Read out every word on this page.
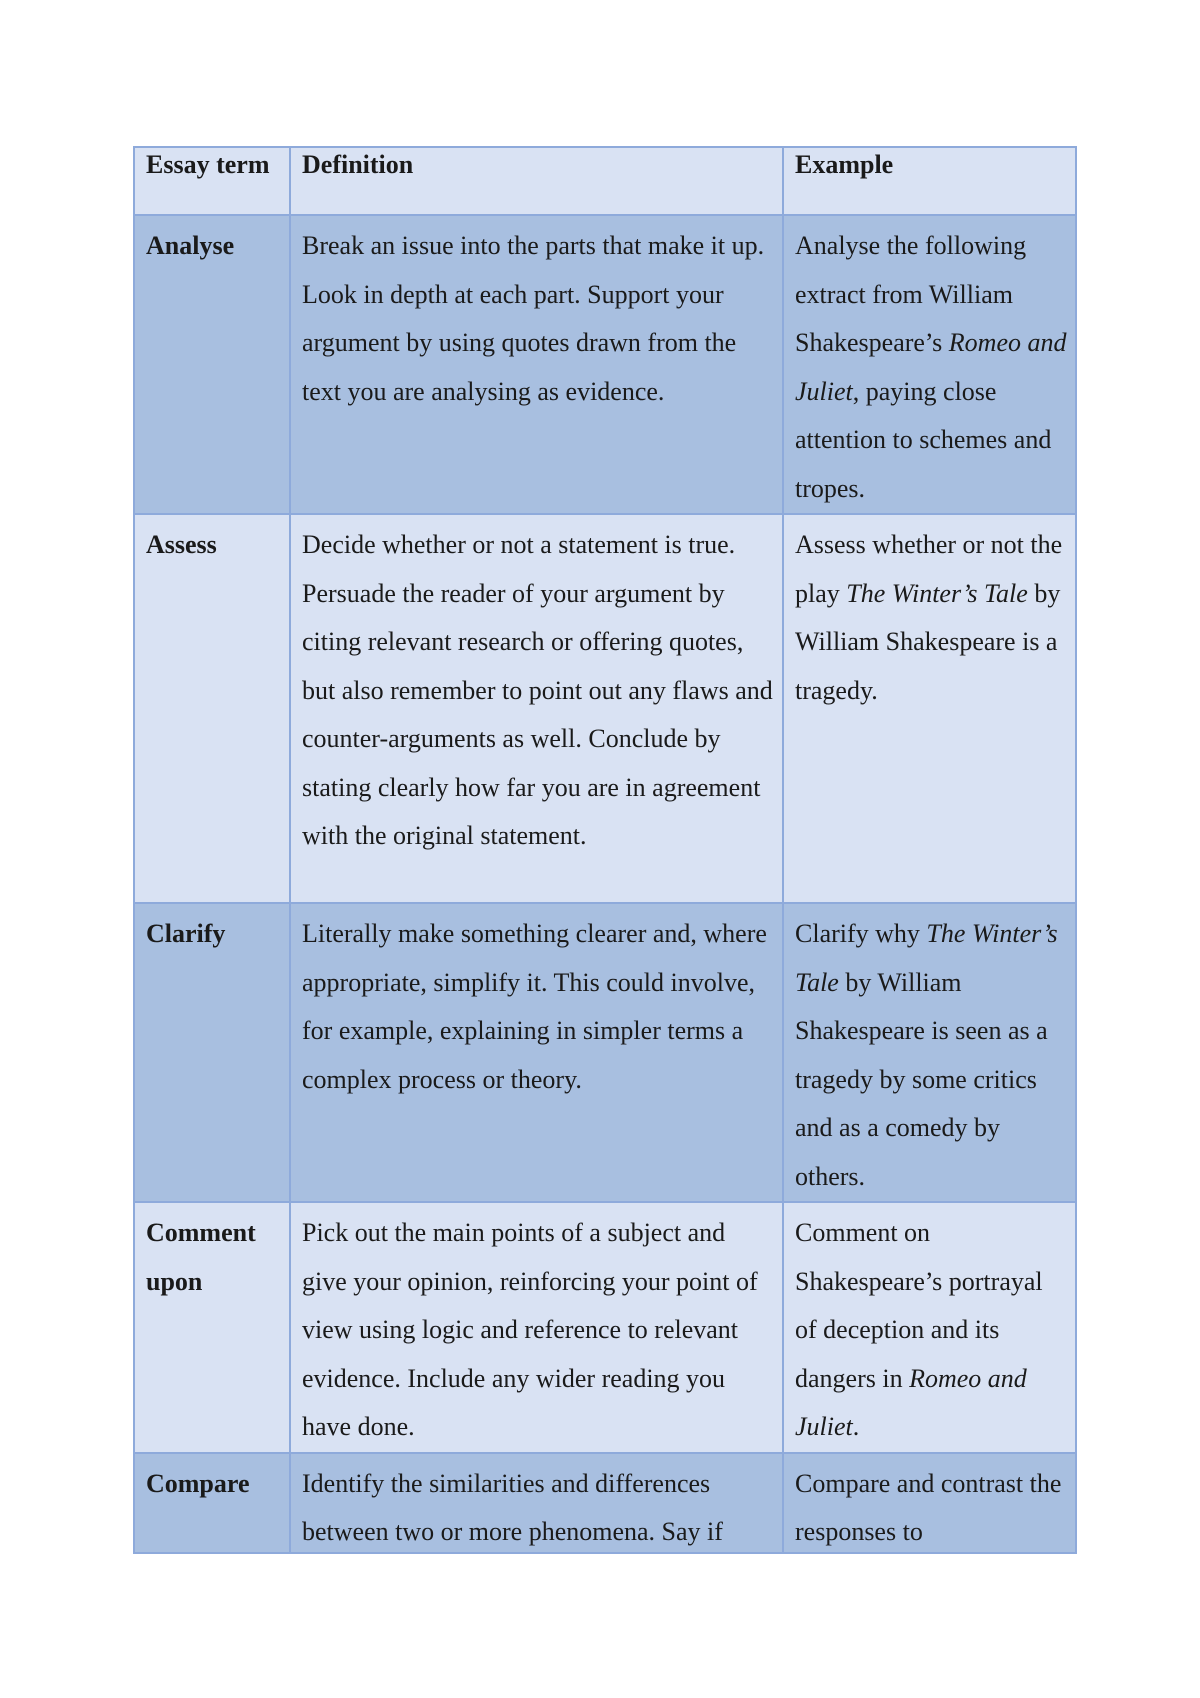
Essay term	Definition	Example
Analyse	Break an issue into the parts that make it up. Look in depth at each part. Support your argument by using quotes drawn from the text you are analysing as evidence.	Analyse the following extract from William Shakespeare’s Romeo and Juliet, paying close attention to schemes and tropes.
Assess	Decide whether or not a statement is true. Persuade the reader of your argument by citing relevant research or offering quotes, but also remember to point out any flaws and counter-arguments as well. Conclude by stating clearly how far you are in agreement with the original statement.	Assess whether or not the play The Winter’s Tale by William Shakespeare is a tragedy.
Clarify	Literally make something clearer and, where appropriate, simplify it. This could involve, for example, explaining in simpler terms a complex process or theory.	Clarify why The Winter’s Tale by William Shakespeare is seen as a tragedy by some critics and as a comedy by others.
Comment upon	Pick out the main points of a subject and give your opinion, reinforcing your point of view using logic and reference to relevant evidence. Include any wider reading you have done.	Comment on Shakespeare’s portrayal of deception and its dangers in Romeo and Juliet.

Compare	Identify the similarities and differences between two or more phenomena. Say if	Compare and contrast the responses to
